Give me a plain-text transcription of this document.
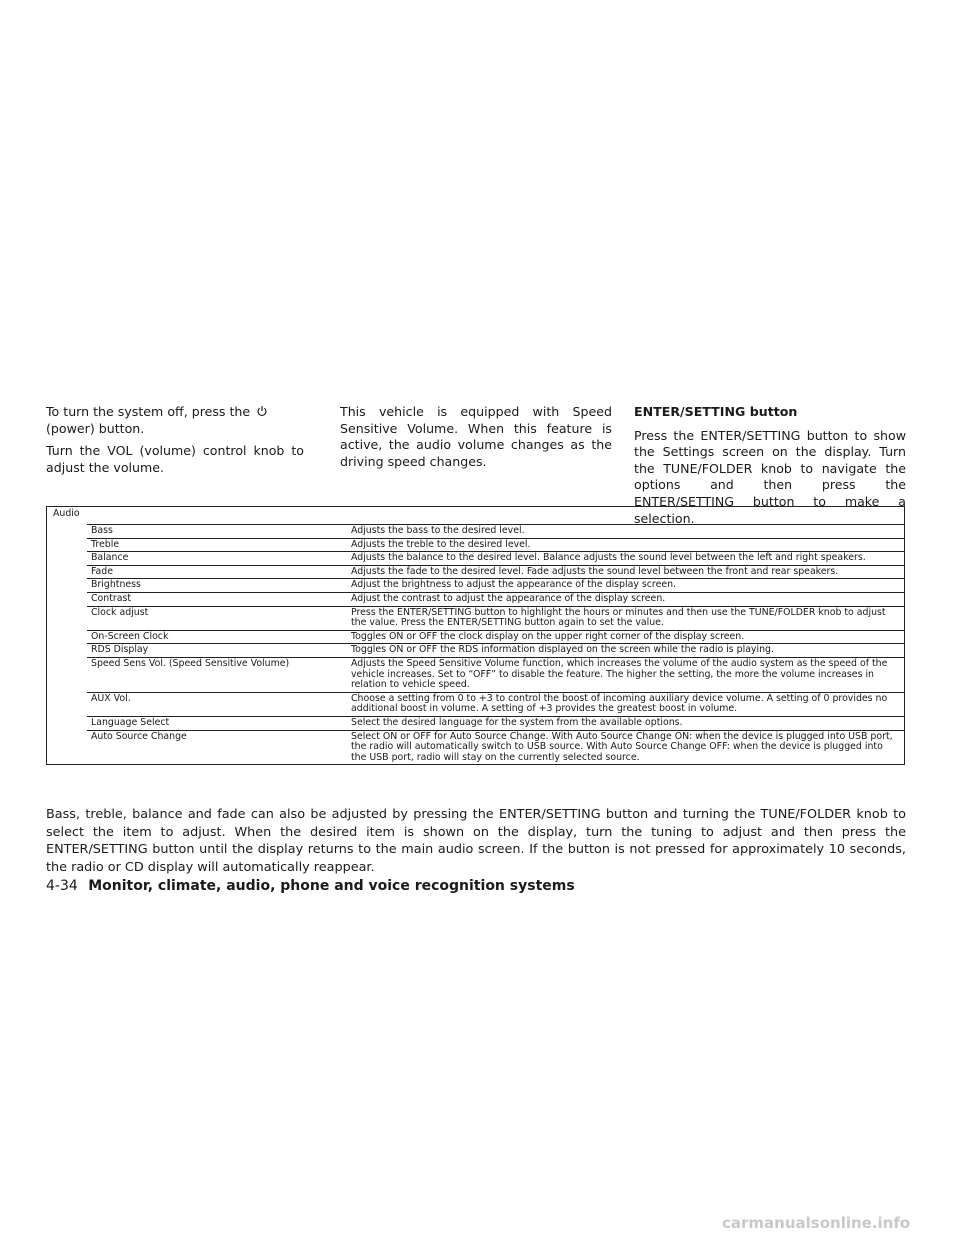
To turn the system off, press the
(power) button.

Turn the VOL (volume) control knob to adjust the volume.

This vehicle is equipped with Speed Sensitive Volume. When this feature is active, the audio volume changes as the driving speed changes.

ENTER/SETTING button

Press the ENTER/SETTING button to show the Settings screen on the display. Turn the TUNE/FOLDER knob to navigate the options and then press the ENTER/SETTING button to make a selection.

Audio
Bass	Adjusts the bass to the desired level.
Treble	Adjusts the treble to the desired level.
Balance	Adjusts the balance to the desired level. Balance adjusts the sound level between the left and right speakers.
Fade	Adjusts the fade to the desired level. Fade adjusts the sound level between the front and rear speakers.
Brightness	Adjust the brightness to adjust the appearance of the display screen.
Contrast	Adjust the contrast to adjust the appearance of the display screen.
Clock adjust	Press the ENTER/SETTING button to highlight the hours or minutes and then use the TUNE/FOLDER knob to adjust the value. Press the ENTER/SETTING button again to set the value.
On-Screen Clock	Toggles ON or OFF the clock display on the upper right corner of the display screen.
RDS Display	Toggles ON or OFF the RDS information displayed on the screen while the radio is playing.
Speed Sens Vol. (Speed Sensitive Volume)	Adjusts the Speed Sensitive Volume function, which increases the volume of the audio system as the speed of the vehicle increases. Set to “OFF” to disable the feature. The higher the setting, the more the volume increases in relation to vehicle speed.
AUX Vol.	Choose a setting from 0 to +3 to control the boost of incoming auxiliary device volume. A setting of 0 provides no additional boost in volume. A setting of +3 provides the greatest boost in volume.
Language Select	Select the desired language for the system from the available options.
Auto Source Change	Select ON or OFF for Auto Source Change. With Auto Source Change ON: when the device is plugged into USB port, the radio will automatically switch to USB source. With Auto Source Change OFF: when the device is plugged into the USB port, radio will stay on the currently selected source.

Bass, treble, balance and fade can also be adjusted by pressing the ENTER/SETTING button and turning the TUNE/FOLDER knob to select the item to adjust. When the desired item is shown on the display, turn the tuning to adjust and then press the ENTER/SETTING button until the display returns to the main audio screen. If the button is not pressed for approximately 10 seconds, the radio or CD display will automatically reappear.

4-34 Monitor, climate, audio, phone and voice recognition systems
carmanualsonline.info
